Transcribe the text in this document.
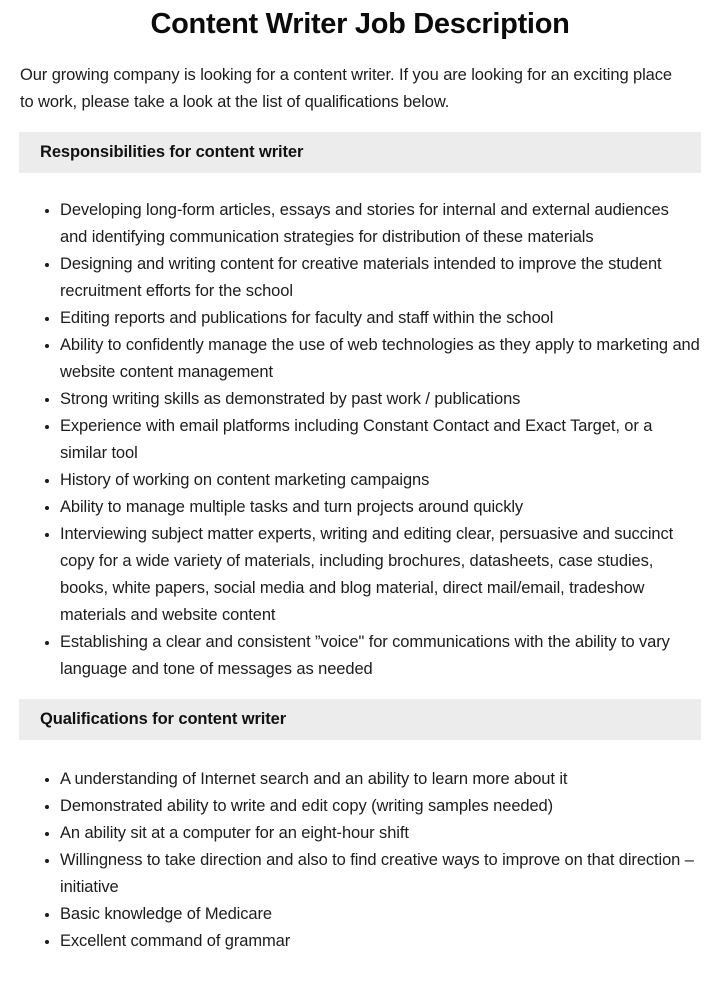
Content Writer Job Description

Our growing company is looking for a content writer. If you are looking for an exciting place to work, please take a look at the list of qualifications below.

Responsibilities for content writer
• Developing long-form articles, essays and stories for internal and external audiences and identifying communication strategies for distribution of these materials
• Designing and writing content for creative materials intended to improve the student recruitment efforts for the school
• Editing reports and publications for faculty and staff within the school
• Ability to confidently manage the use of web technologies as they apply to marketing and website content management
• Strong writing skills as demonstrated by past work / publications
• Experience with email platforms including Constant Contact and Exact Target, or a similar tool
• History of working on content marketing campaigns
• Ability to manage multiple tasks and turn projects around quickly
• Interviewing subject matter experts, writing and editing clear, persuasive and succinct copy for a wide variety of materials, including brochures, datasheets, case studies, books, white papers, social media and blog material, direct mail/email, tradeshow materials and website content
• Establishing a clear and consistent ”voice" for communications with the ability to vary language and tone of messages as needed
Qualifications for content writer
• A understanding of Internet search and an ability to learn more about it
• Demonstrated ability to write and edit copy (writing samples needed)
• An ability sit at a computer for an eight-hour shift
• Willingness to take direction and also to find creative ways to improve on that direction – initiative
• Basic knowledge of Medicare
• Excellent command of grammar
